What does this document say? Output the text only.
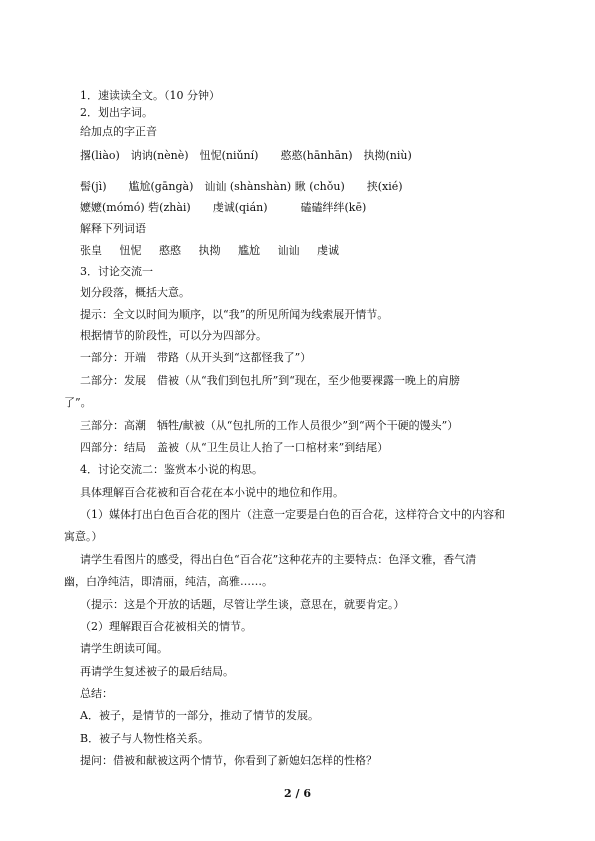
1．速读读全文。（10 分钟）
2．划出字词。
给加点的字正音
撂(liào)　讷讷(nènè)　忸怩(niǔní)　　憨憨(hānhān)　执拗(niù)
髻(jì)　　尴尬(gāngà)　讪讪 (shànshàn) 瞅 (chǒu)　　挟(xié)
嬷嬷(mómó) 砦(zhài)　　虔诚(qián)　　　磕磕绊绊(kē)
解释下列词语
张皇 忸怩 憨憨 执拗 尴尬 讪讪 虔诚
3．讨论交流一
划分段落，概括大意。
提示：全文以时间为顺序，以“我”的所见所闻为线索展开情节。
根据情节的阶段性，可以分为四部分。
一部分：开端　带路（从开头到“这都怪我了”）
二部分：发展　借被（从“我们到包扎所”到“现在，至少他要裸露一晚上的肩膀
了”。
三部分：高潮　牺牲/献被（从“包扎所的工作人员很少”到“两个干硬的馒头”）
四部分：结局　盖被（从“卫生员让人抬了一口棺材来”到结尾）
4．讨论交流二：鉴赏本小说的构思。
具体理解百合花被和百合花在本小说中的地位和作用。
（1）媒体打出白色百合花的图片（注意一定要是白色的百合花，这样符合文中的内容和
寓意。）
请学生看图片的感受，得出白色“百合花”这种花卉的主要特点：色泽文雅，香气清
幽，白净纯洁，即清丽，纯洁，高雅……。
（提示：这是个开放的话题，尽管让学生谈，意思在，就要肯定。）
（2）理解跟百合花被相关的情节。
请学生朗读可闻。
再请学生复述被子的最后结局。
总结：
A．被子，是情节的一部分，推动了情节的发展。
B．被子与人物性格关系。
提问：借被和献被这两个情节，你看到了新媳妇怎样的性格？
2 / 6
